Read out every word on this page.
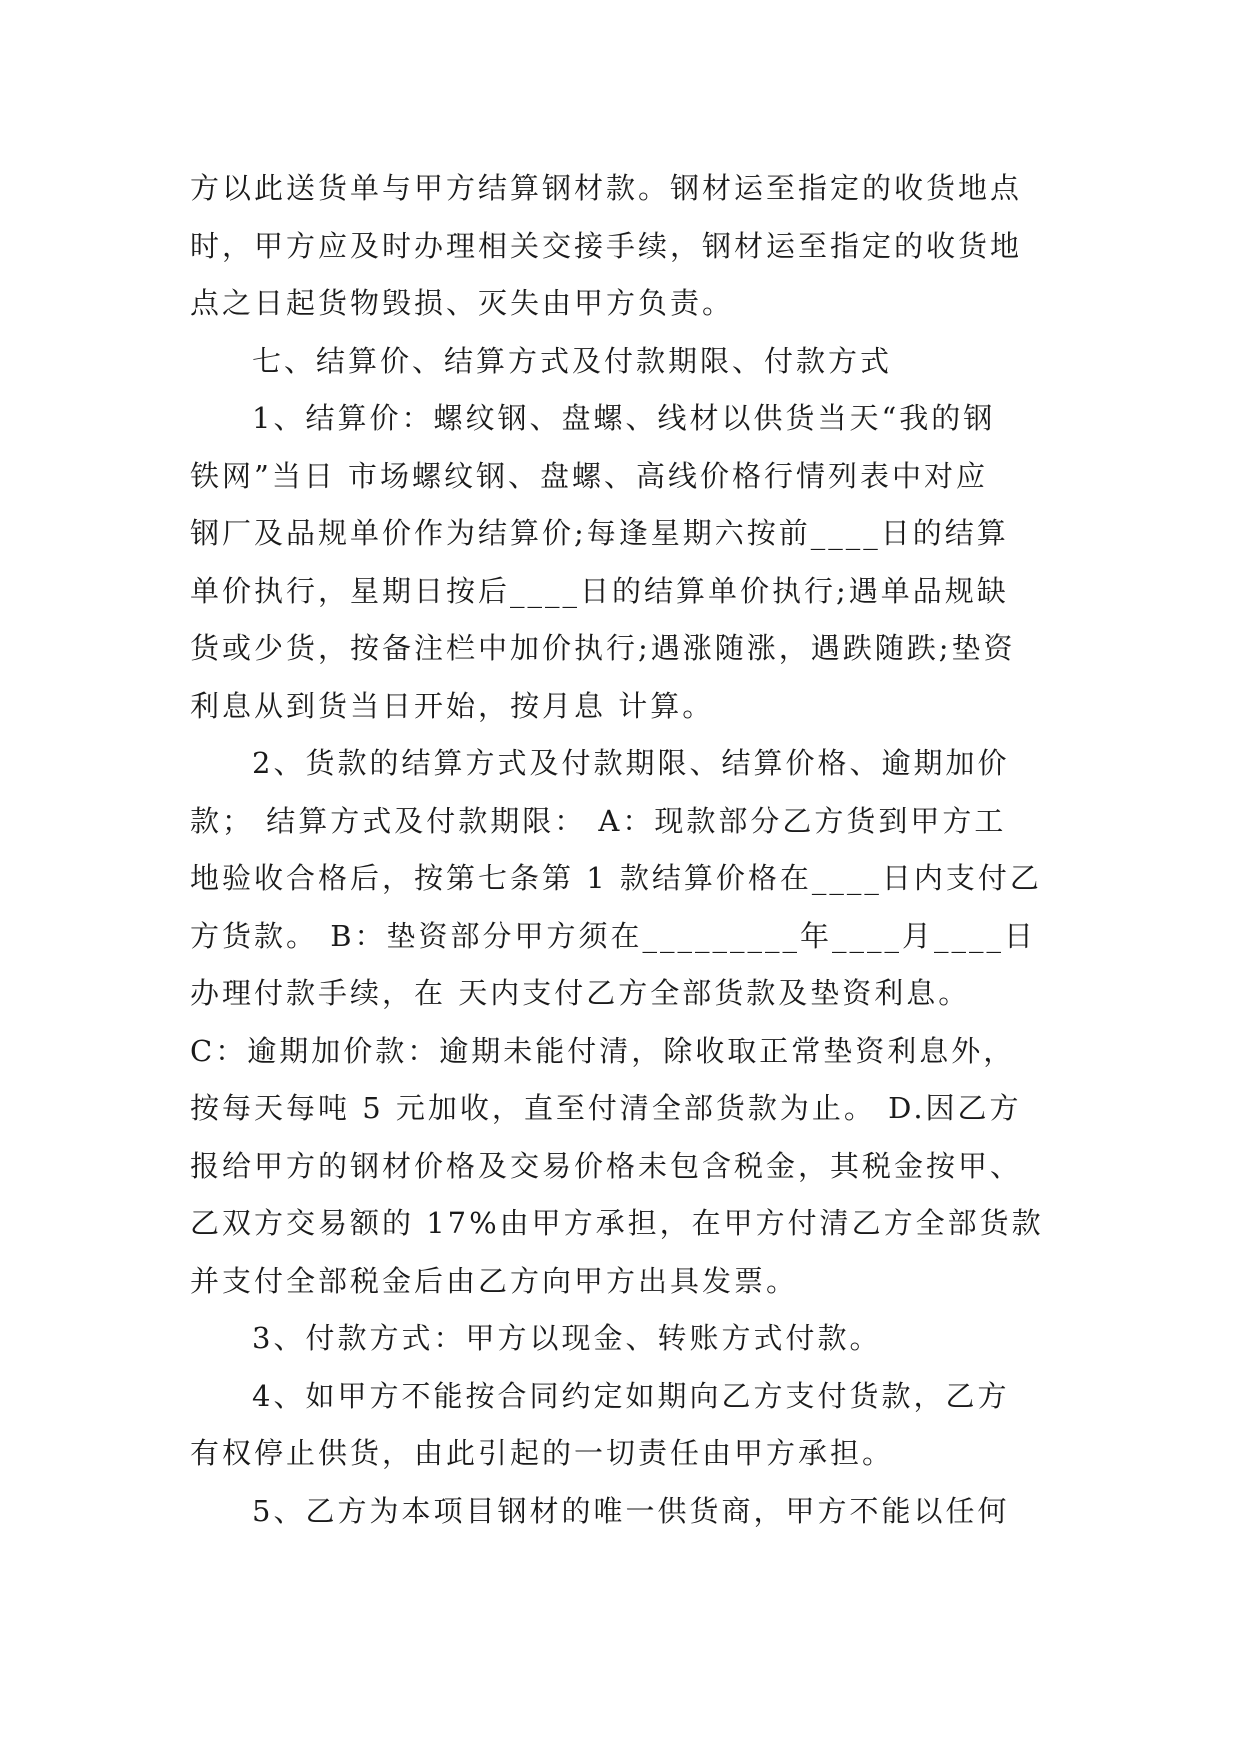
方以此送货单与甲方结算钢材款。钢材运至指定的收货地点
时，甲方应及时办理相关交接手续，钢材运至指定的收货地
点之日起货物毁损、灭失由甲方负责。
七、结算价、结算方式及付款期限、付款方式
1、结算价：螺纹钢、盘螺、线材以供货当天“我的钢
铁网”当日 市场螺纹钢、盘螺、高线价格行情列表中对应
钢厂及品规单价作为结算价;每逢星期六按前____日的结算
单价执行，星期日按后____日的结算单价执行;遇单品规缺
货或少货，按备注栏中加价执行;遇涨随涨，遇跌随跌;垫资
利息从到货当日开始，按月息 计算。
2、货款的结算方式及付款期限、结算价格、逾期加价
款； 结算方式及付款期限： A：现款部分乙方货到甲方工
地验收合格后，按第七条第 1 款结算价格在____日内支付乙
方货款。 B：垫资部分甲方须在_________年____月____日
办理付款手续，在 天内支付乙方全部货款及垫资利息。
C：逾期加价款：逾期未能付清，除收取正常垫资利息外，
按每天每吨 5 元加收，直至付清全部货款为止。 D.因乙方
报给甲方的钢材价格及交易价格未包含税金，其税金按甲、
乙双方交易额的 17%由甲方承担，在甲方付清乙方全部货款
并支付全部税金后由乙方向甲方出具发票。
3、付款方式：甲方以现金、转账方式付款。
4、如甲方不能按合同约定如期向乙方支付货款，乙方
有权停止供货，由此引起的一切责任由甲方承担。
5、乙方为本项目钢材的唯一供货商，甲方不能以任何
